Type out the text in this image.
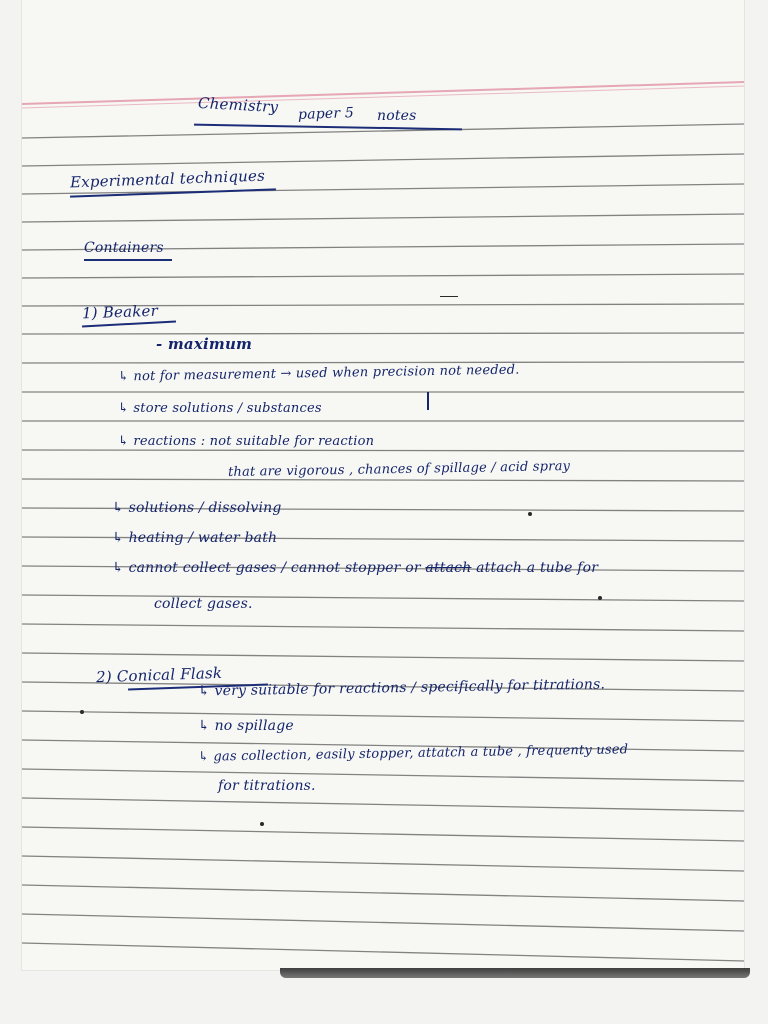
Chemistry paper 5 notes
Experimental techniques
Containers
1) Beaker
- maximum
↳ not for measurement → used when precision not needed.
↳ store solutions / substances
↳ reactions : not suitable for reaction
that are vigorous , chances of spillage / acid spray
↳ solutions / dissolving
↳ heating / water bath
↳ cannot collect gases / cannot stopper or attach attach a tube for
collect gases.
2) Conical Flask
↳ very suitable for reactions / specifically for titrations.
↳ no spillage
↳ gas collection, easily stopper, attatch a tube , frequenty used
for titrations.
